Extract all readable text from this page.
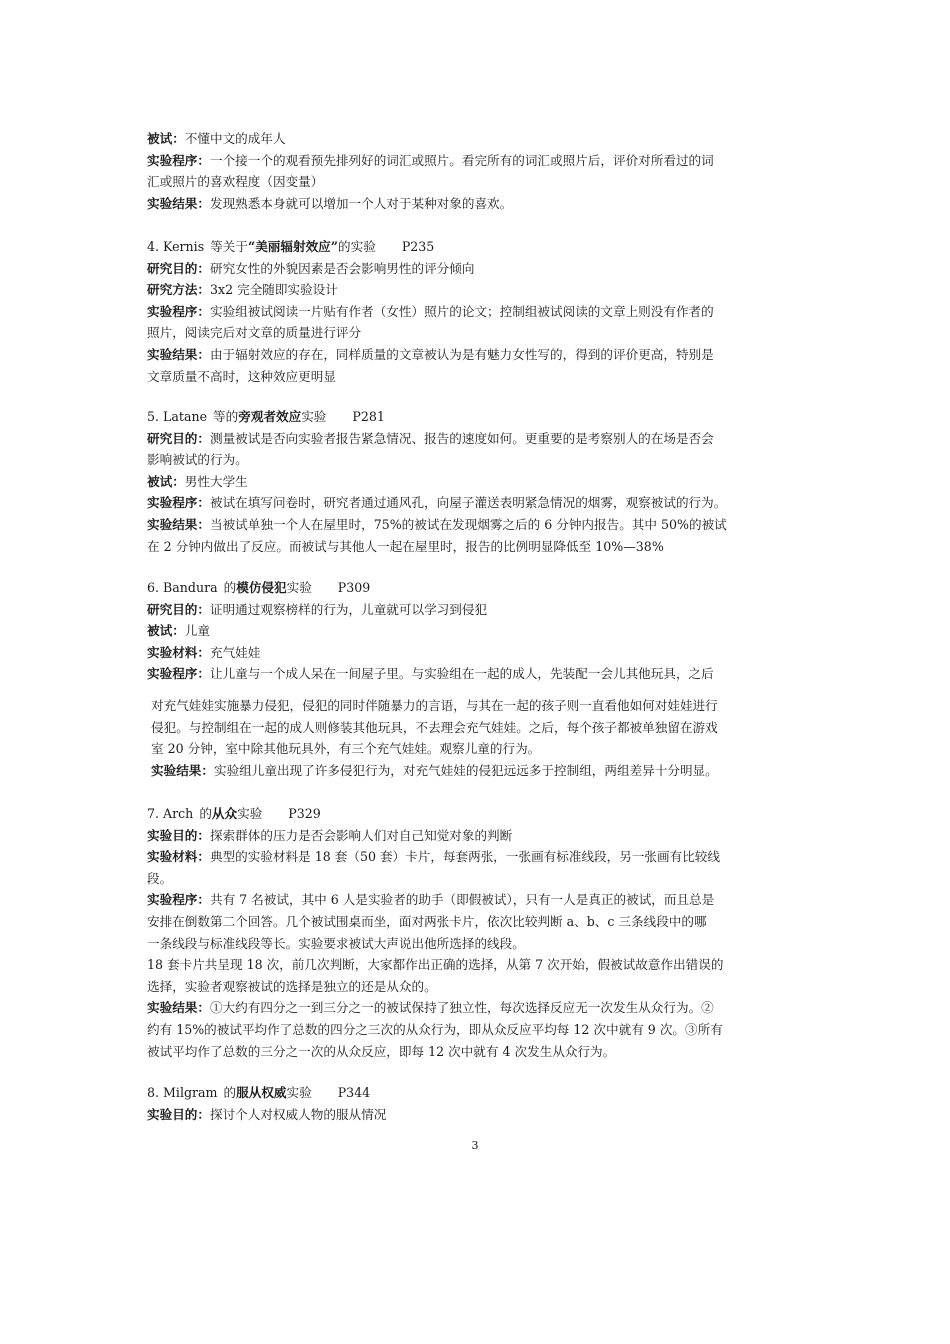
被试：不懂中文的成年人
实验程序：一个接一个的观看预先排列好的词汇或照片。看完所有的词汇或照片后，评价对所看过的词
汇或照片的喜欢程度（因变量）
实验结果：发现熟悉本身就可以增加一个人对于某种对象的喜欢。
4. Kernis 等关于“美丽辐射效应”的实验 P235
研究目的：研究女性的外貌因素是否会影响男性的评分倾向
研究方法：3x2 完全随即实验设计
实验程序：实验组被试阅读一片贴有作者（女性）照片的论文；控制组被试阅读的文章上则没有作者的
照片，阅读完后对文章的质量进行评分
实验结果：由于辐射效应的存在，同样质量的文章被认为是有魅力女性写的，得到的评价更高，特别是
文章质量不高时，这种效应更明显
5. Latane 等的旁观者效应实验 P281
研究目的：测量被试是否向实验者报告紧急情况、报告的速度如何。更重要的是考察别人的在场是否会
影响被试的行为。
被试：男性大学生
实验程序：被试在填写问卷时，研究者通过通风孔，向屋子灌送表明紧急情况的烟雾，观察被试的行为。
实验结果：当被试单独一个人在屋里时，75%的被试在发现烟雾之后的 6 分钟内报告。其中 50%的被试
在 2 分钟内做出了反应。而被试与其他人一起在屋里时，报告的比例明显降低至 10%—38%
6. Bandura 的模仿侵犯实验 P309
研究目的：证明通过观察榜样的行为，儿童就可以学习到侵犯
被试：儿童
实验材料：充气娃娃
实验程序：让儿童与一个成人呆在一间屋子里。与实验组在一起的成人，先装配一会儿其他玩具，之后
对充气娃娃实施暴力侵犯，侵犯的同时伴随暴力的言语，与其在一起的孩子则一直看他如何对娃娃进行
侵犯。与控制组在一起的成人则修装其他玩具，不去理会充气娃娃。之后，每个孩子都被单独留在游戏
室 20 分钟，室中除其他玩具外，有三个充气娃娃。观察儿童的行为。
实验结果：实验组儿童出现了许多侵犯行为，对充气娃娃的侵犯远远多于控制组，两组差异十分明显。
7. Arch 的从众实验 P329
实验目的：探索群体的压力是否会影响人们对自己知觉对象的判断
实验材料：典型的实验材料是 18 套（50 套）卡片，每套两张，一张画有标准线段，另一张画有比较线
段。
实验程序：共有 7 名被试，其中 6 人是实验者的助手（即假被试），只有一人是真正的被试，而且总是
安排在倒数第二个回答。几个被试围桌而坐，面对两张卡片，依次比较判断 a、b、c 三条线段中的哪
一条线段与标准线段等长。实验要求被试大声说出他所选择的线段。
18 套卡片共呈现 18 次，前几次判断，大家都作出正确的选择，从第 7 次开始，假被试故意作出错误的
选择，实验者观察被试的选择是独立的还是从众的。
实验结果：①大约有四分之一到三分之一的被试保持了独立性，每次选择反应无一次发生从众行为。②
约有 15%的被试平均作了总数的四分之三次的从众行为，即从众反应平均每 12 次中就有 9 次。③所有
被试平均作了总数的三分之一次的从众反应，即每 12 次中就有 4 次发生从众行为。
8. Milgram 的服从权威实验 P344
实验目的：探讨个人对权威人物的服从情况
3
